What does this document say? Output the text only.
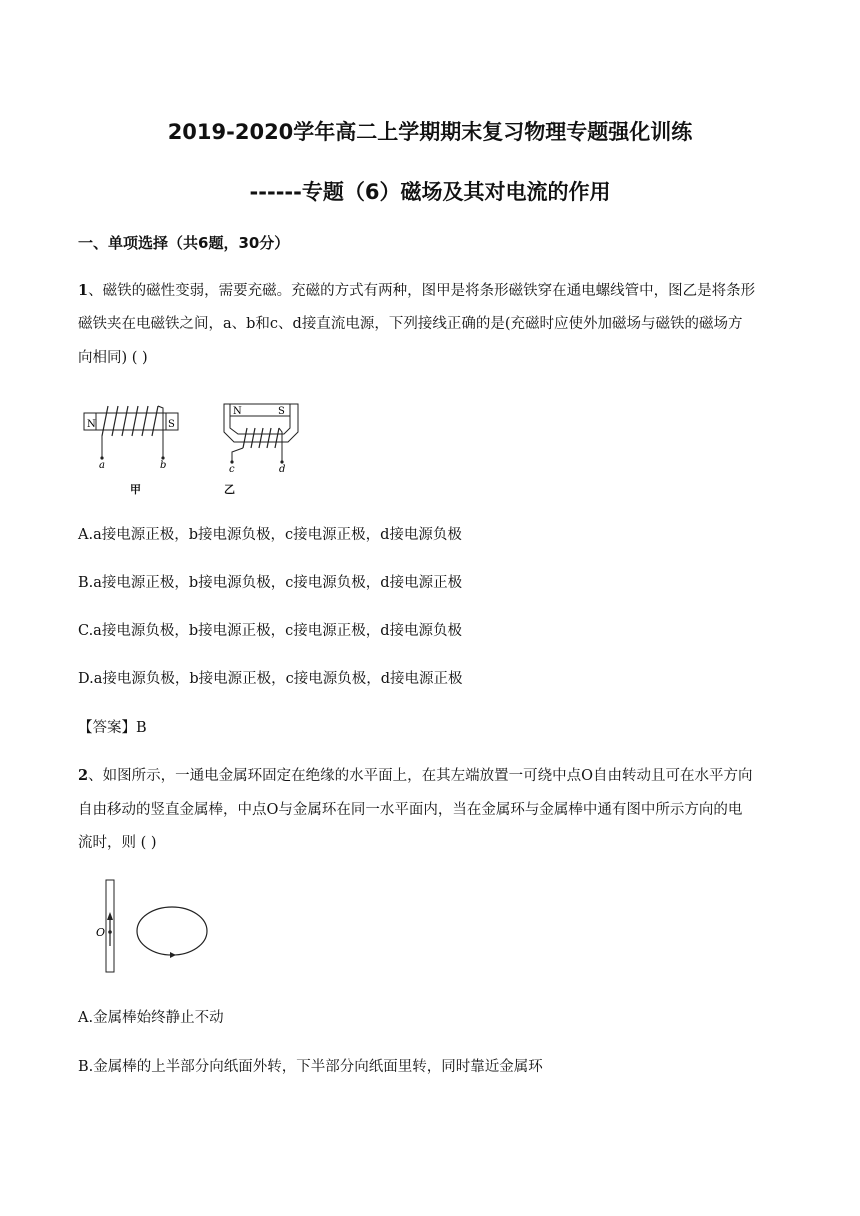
2019-2020学年高二上学期期末复习物理专题强化训练
------专题（6）磁场及其对电流的作用
一、单项选择（共6题，30分）
1、磁铁的磁性变弱，需要充磁。充磁的方式有两种，图甲是将条形磁铁穿在通电螺线管中，图乙是将条形
磁铁夹在电磁铁之间，a、b和c、d接直流电源，下列接线正确的是(充磁时应使外加磁场与磁铁的磁场方
向相同) ( )
N	S
a	b
甲
N	S
c	d
乙
A.a接电源正极，b接电源负极，c接电源正极，d接电源负极
B.a接电源正极，b接电源负极，c接电源负极，d接电源正极
C.a接电源负极，b接电源正极，c接电源正极，d接电源负极
D.a接电源负极，b接电源正极，c接电源负极，d接电源正极
【答案】B
2、如图所示，一通电金属环固定在绝缘的水平面上，在其左端放置一可绕中点O自由转动且可在水平方向
自由移动的竖直金属棒，中点O与金属环在同一水平面内，当在金属环与金属棒中通有图中所示方向的电
流时，则 ( )
O
A.金属棒始终静止不动
B.金属棒的上半部分向纸面外转，下半部分向纸面里转，同时靠近金属环
